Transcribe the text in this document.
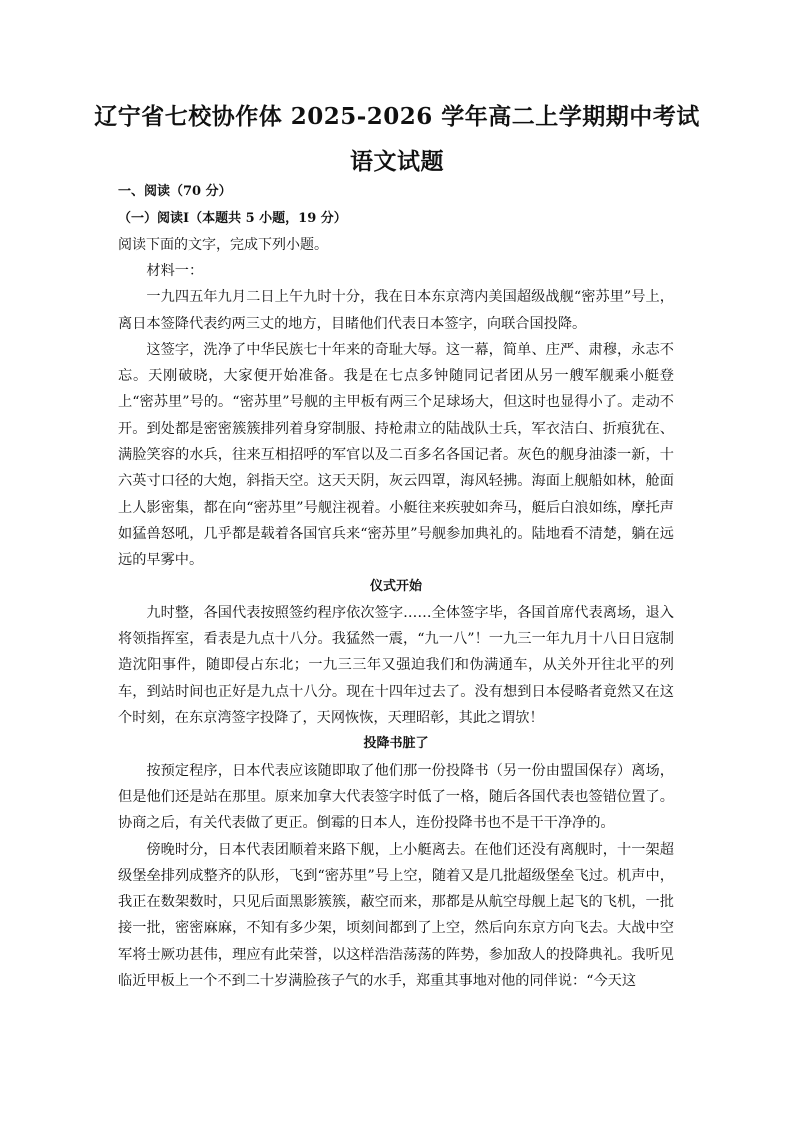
辽宁省七校协作体 2025-2026 学年高二上学期期中考试
语文试题
一、阅读（70 分）
（一）阅读Ⅰ（本题共 5 小题，19 分）
阅读下面的文字，完成下列小题。

材料一：

一九四五年九月二日上午九时十分，我在日本东京湾内美国超级战舰“密苏里”号上，离日本签降代表约两三丈的地方，目睹他们代表日本签字，向联合国投降。

这签字，洗净了中华民族七十年来的奇耻大辱。这一幕，简单、庄严、肃穆，永志不忘。天刚破晓，大家便开始准备。我是在七点多钟随同记者团从另一艘军舰乘小艇登上“密苏里”号的。“密苏里”号舰的主甲板有两三个足球场大，但这时也显得小了。走动不开。到处都是密密簇簇排列着身穿制服、持枪肃立的陆战队士兵，军衣洁白、折痕犹在、满脸笑容的水兵，往来互相招呼的军官以及二百多名各国记者。灰色的舰身油漆一新，十六英寸口径的大炮，斜指天空。这天天阴，灰云四罩，海风轻拂。海面上舰船如林，舱面上人影密集，都在向“密苏里”号舰注视着。小艇往来疾驶如奔马，艇后白浪如练，摩托声如猛兽怒吼，几乎都是载着各国官兵来“密苏里”号舰参加典礼的。陆地看不清楚，躺在远远的早雾中。

仪式开始

九时整，各国代表按照签约程序依次签字……全体签字毕，各国首席代表离场，退入将领指挥室，看表是九点十八分。我猛然一震，“九一八”！一九三一年九月十八日日寇制造沈阳事件，随即侵占东北；一九三三年又强迫我们和伪满通车，从关外开往北平的列车，到站时间也正好是九点十八分。现在十四年过去了。没有想到日本侵略者竟然又在这个时刻，在东京湾签字投降了，天网恢恢，天理昭彰，其此之谓欤！

投降书脏了

按预定程序，日本代表应该随即取了他们那一份投降书（另一份由盟国保存）离场，但是他们还是站在那里。原来加拿大代表签字时低了一格，随后各国代表也签错位置了。协商之后，有关代表做了更正。倒霉的日本人，连份投降书也不是干干净净的。

傍晚时分，日本代表团顺着来路下舰，上小艇离去。在他们还没有离舰时，十一架超级堡垒排列成整齐的队形，飞到“密苏里”号上空，随着又是几批超级堡垒飞过。机声中，我正在数架数时，只见后面黑影簇簇，蔽空而来，那都是从航空母舰上起飞的飞机，一批接一批，密密麻麻，不知有多少架，顷刻间都到了上空，然后向东京方向飞去。大战中空军将士厥功甚伟，理应有此荣誉，以这样浩浩荡荡的阵势，参加敌人的投降典礼。我听见临近甲板上一个不到二十岁满脸孩子气的水手，郑重其事地对他的同伴说：“今天这
